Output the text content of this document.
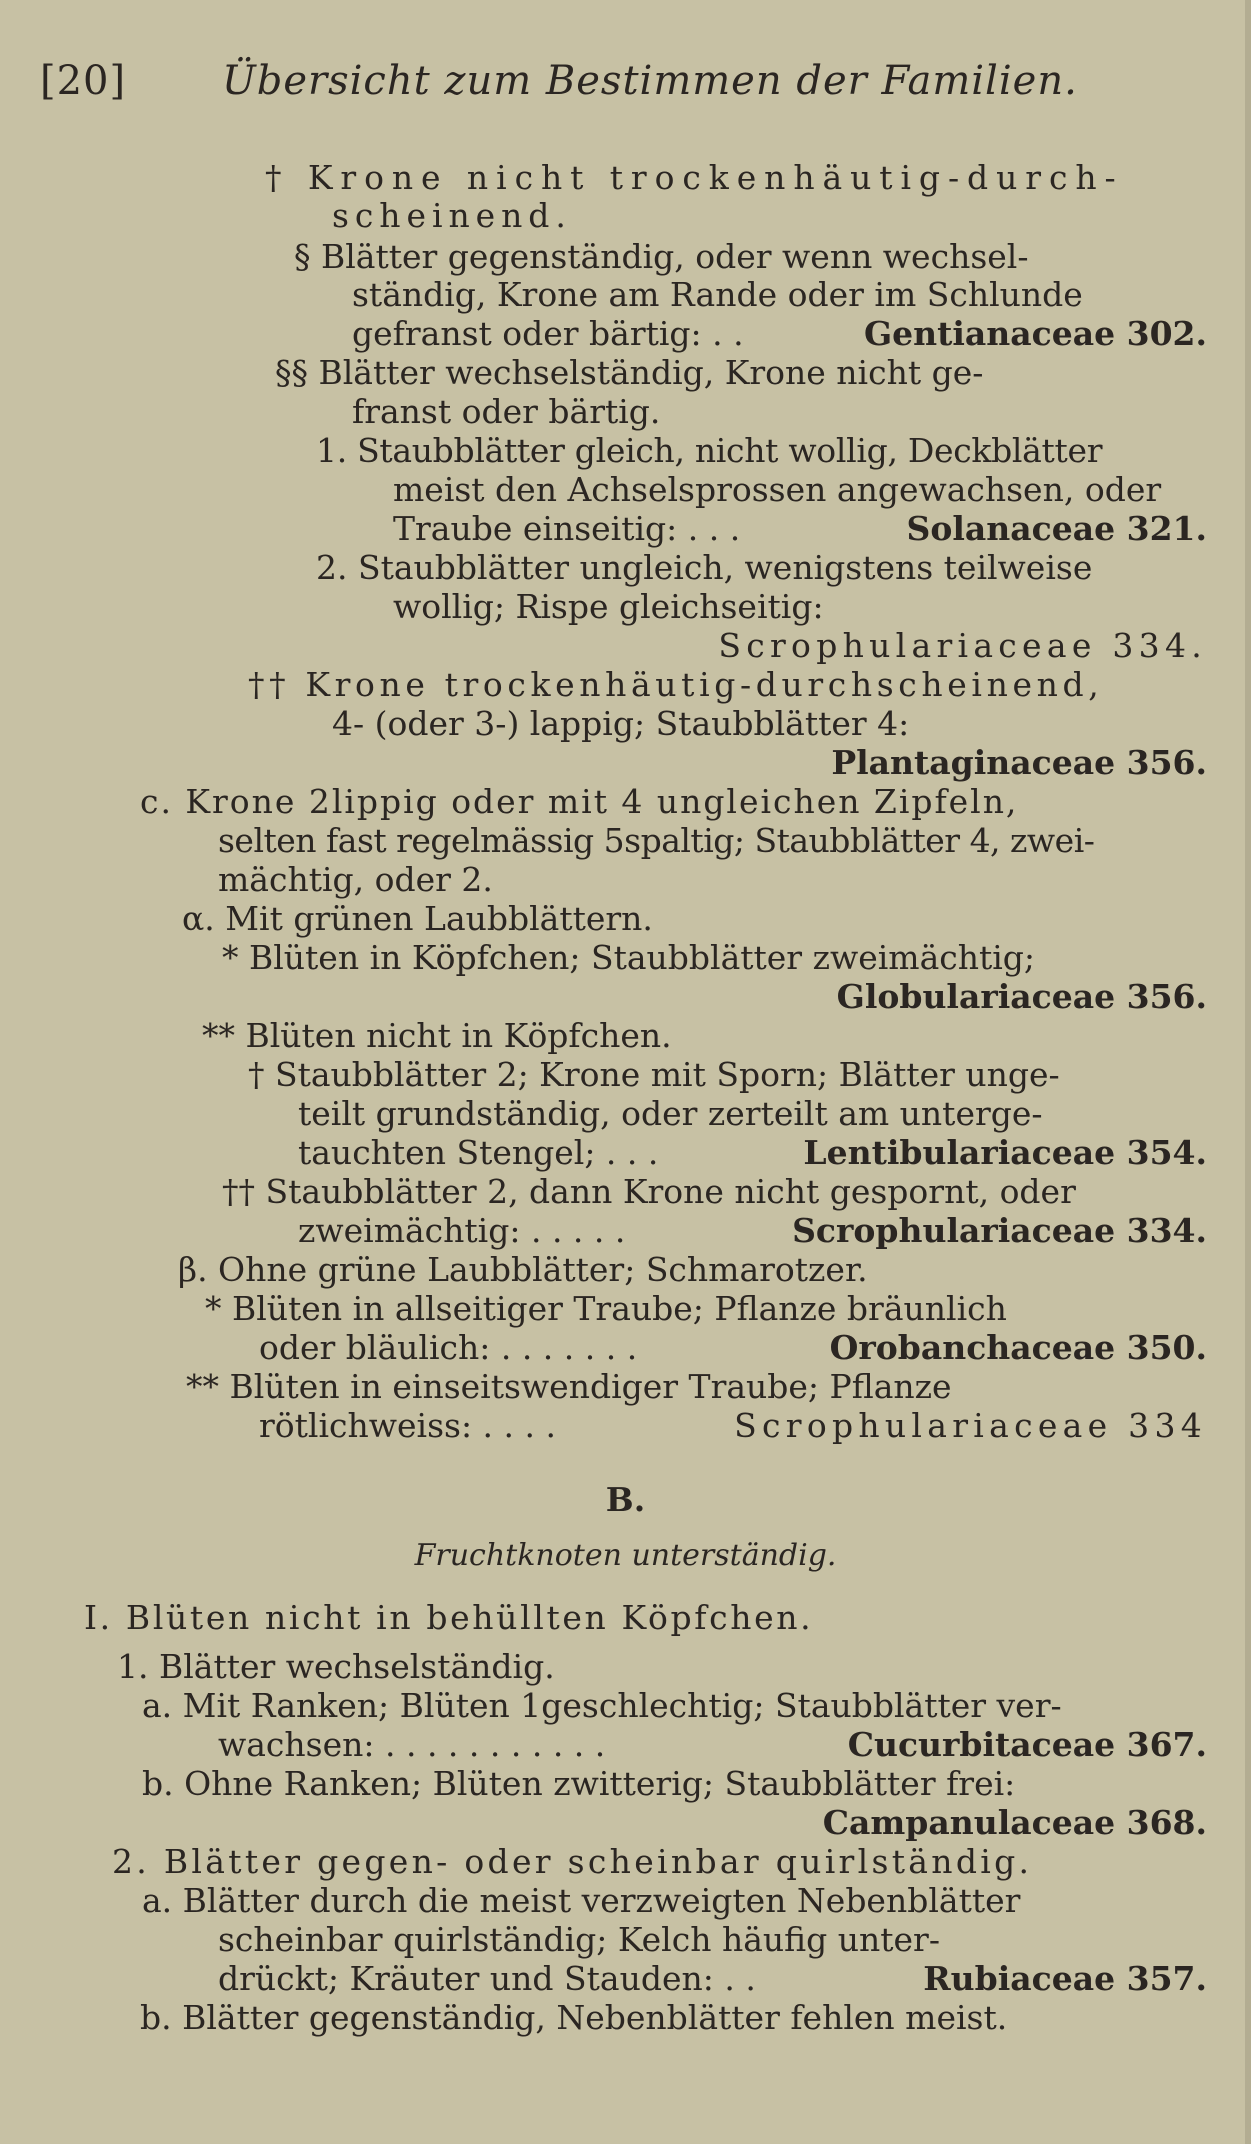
[20] Übersicht zum Bestimmen der Familien.
† Krone nicht trockenhäutig-durch-
scheinend.
§ Blätter gegenständig, oder wenn wechsel-
ständig, Krone am Rande oder im Schlunde
gefranst oder bärtig: . .	Gentianaceae 302.
§§ Blätter wechselständig, Krone nicht ge-
franst oder bärtig.
1. Staubblätter gleich, nicht wollig, Deckblätter
meist den Achselsprossen angewachsen, oder
Traube einseitig: . . .	Solanaceae 321.
2. Staubblätter ungleich, wenigstens teilweise
wollig; Rispe gleichseitig:
Scrophulariaceae 334.
†† Krone trockenhäutig-durchscheinend,
4- (oder 3-) lappig; Staubblätter 4:
Plantaginaceae 356.
c. Krone 2lippig oder mit 4 ungleichen Zipfeln,
selten fast regelmässig 5spaltig; Staubblätter 4, zwei-
mächtig, oder 2.
α. Mit grünen Laubblättern.
* Blüten in Köpfchen; Staubblätter zweimächtig;
Globulariaceae 356.
** Blüten nicht in Köpfchen.
† Staubblätter 2; Krone mit Sporn; Blätter unge-
teilt grundständig, oder zerteilt am unterge-
tauchten Stengel; . . .	Lentibulariaceae 354.
†† Staubblätter 2, dann Krone nicht gespornt, oder
zweimächtig: . . . . .	Scrophulariaceae 334.
β. Ohne grüne Laubblätter; Schmarotzer.
* Blüten in allseitiger Traube; Pflanze bräunlich
oder bläulich: . . . . . . .	Orobanchaceae 350.
** Blüten in einseitswendiger Traube; Pflanze
rötlichweiss: . . . .	Scrophulariaceae 334
B.
Fruchtknoten unterständig.
I. Blüten nicht in behüllten Köpfchen.
1. Blätter wechselständig.
a. Mit Ranken; Blüten 1geschlechtig; Staubblätter ver-
wachsen: . . . . . . . . . . .	Cucurbitaceae 367.
b. Ohne Ranken; Blüten zwitterig; Staubblätter frei:
Campanulaceae 368.
2. Blätter gegen- oder scheinbar quirlständig.
a. Blätter durch die meist verzweigten Nebenblätter
scheinbar quirlständig; Kelch häufig unter-
drückt; Kräuter und Stauden: . .	Rubiaceae 357.
b. Blätter gegenständig, Nebenblätter fehlen meist.
